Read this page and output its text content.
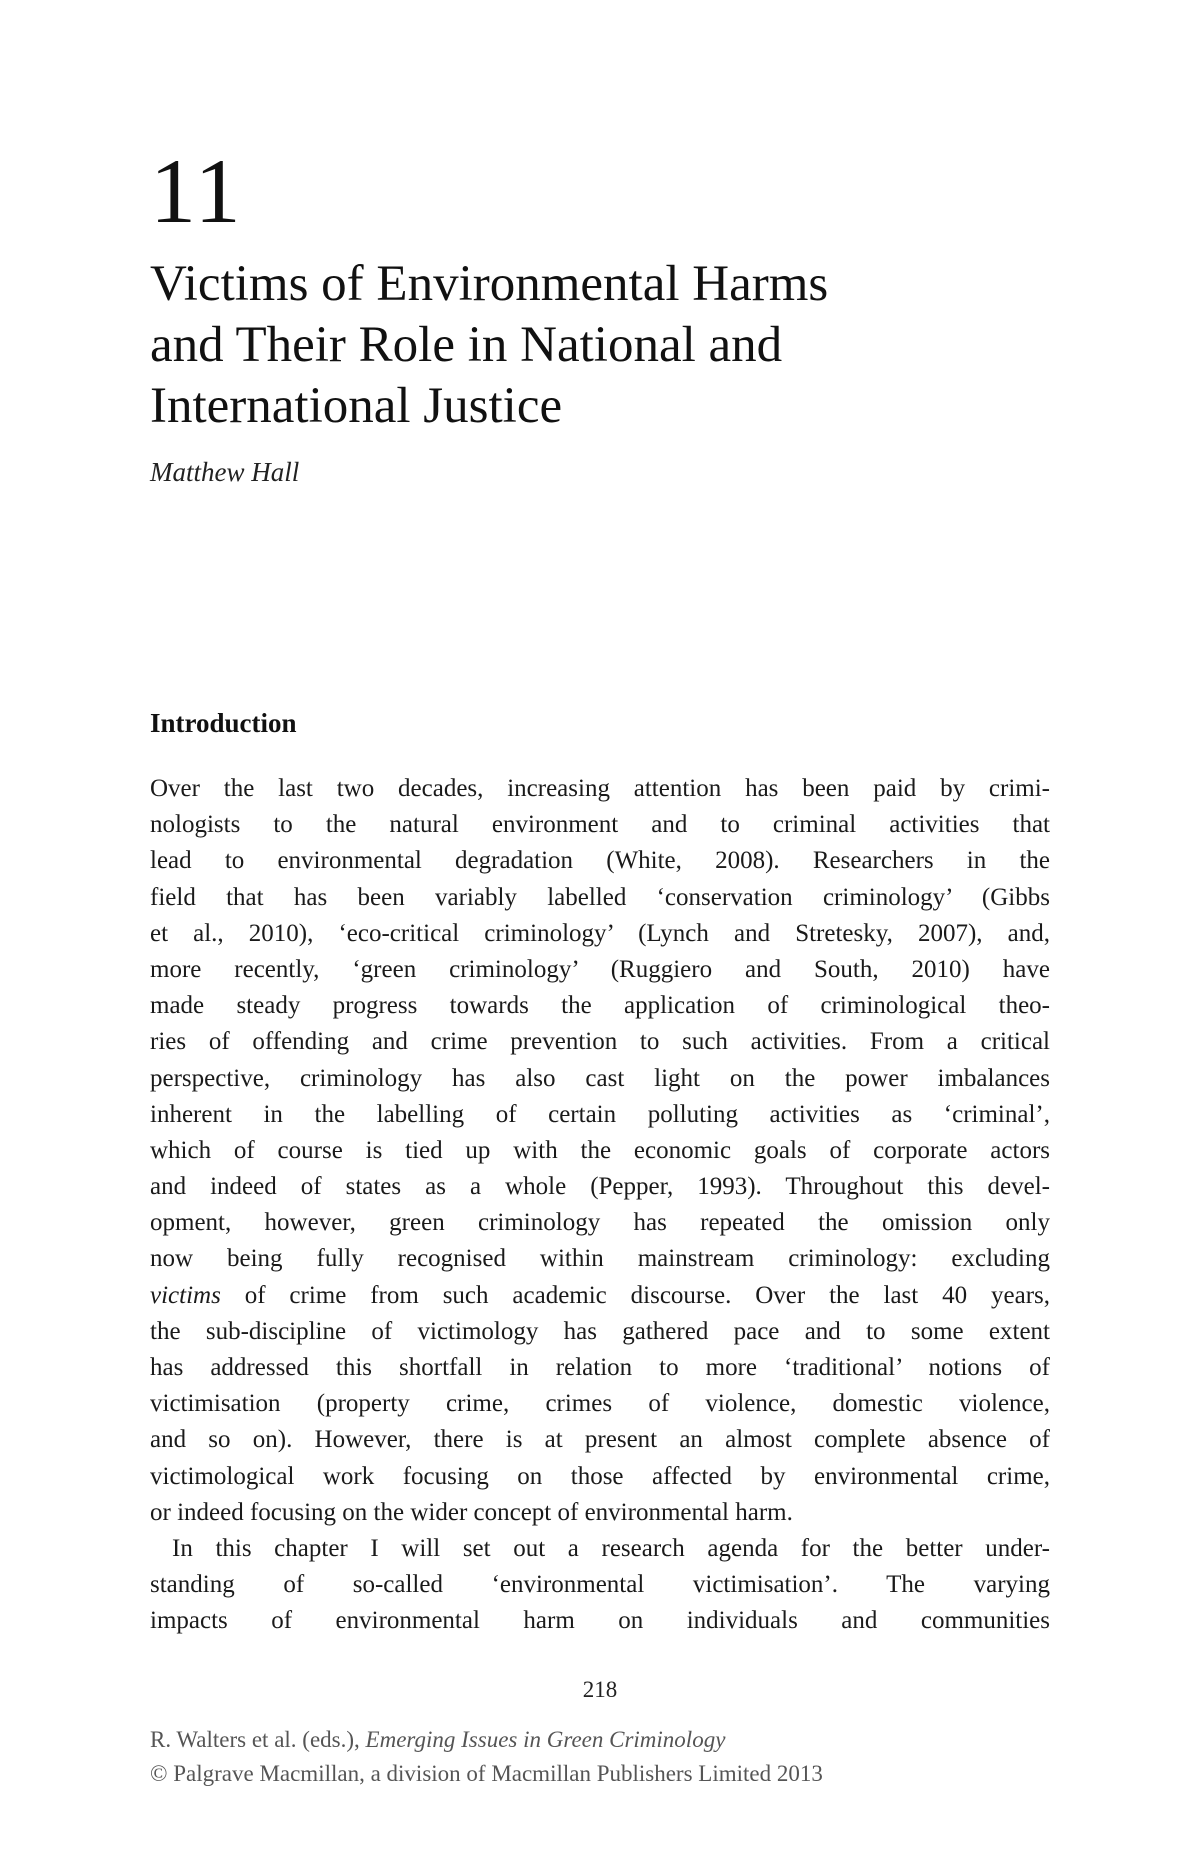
11
Victims of Environmental Harms
and Their Role in National and
International Justice
Matthew Hall
Introduction
Over the last two decades, increasing attention has been paid by crimi-
nologists to the natural environment and to criminal activities that
lead to environmental degradation (White, 2008). Researchers in the
field that has been variably labelled ‘conservation criminology’ (Gibbs
et al., 2010), ‘eco-critical criminology’ (Lynch and Stretesky, 2007), and,
more recently, ‘green criminology’ (Ruggiero and South, 2010) have
made steady progress towards the application of criminological theo-
ries of offending and crime prevention to such activities. From a critical
perspective, criminology has also cast light on the power imbalances
inherent in the labelling of certain polluting activities as ‘criminal’,
which of course is tied up with the economic goals of corporate actors
and indeed of states as a whole (Pepper, 1993). Throughout this devel-
opment, however, green criminology has repeated the omission only
now being fully recognised within mainstream criminology: excluding
victims of crime from such academic discourse. Over the last 40 years,
the sub-discipline of victimology has gathered pace and to some extent
has addressed this shortfall in relation to more ‘traditional’ notions of
victimisation (property crime, crimes of violence, domestic violence,
and so on). However, there is at present an almost complete absence of
victimological work focusing on those affected by environmental crime,
or indeed focusing on the wider concept of environmental harm.
In this chapter I will set out a research agenda for the better under-
standing of so-called ‘environmental victimisation’. The varying
impacts of environmental harm on individuals and communities
218
R. Walters et al. (eds.), Emerging Issues in Green Criminology
© Palgrave Macmillan, a division of Macmillan Publishers Limited 2013
